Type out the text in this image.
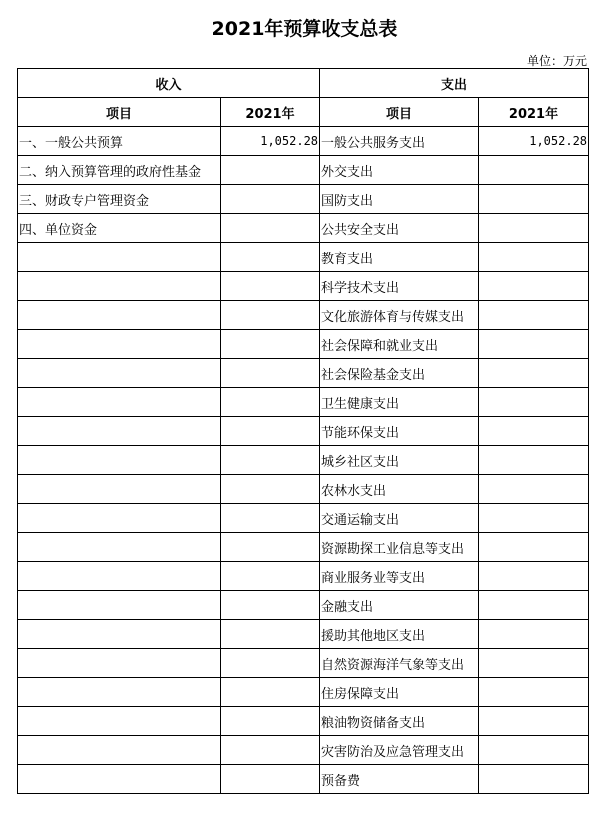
2021年预算收支总表
单位：万元
收入		支出	
项目	2021年	项目	2021年
一、一般公共预算	1,052.28	一般公共服务支出	1,052.28
二、纳入预算管理的政府性基金		外交支出	
三、财政专户管理资金		国防支出	
四、单位资金		公共安全支出	
		教育支出	
		科学技术支出	
		文化旅游体育与传媒支出	
		社会保障和就业支出	
		社会保险基金支出	
		卫生健康支出	
		节能环保支出	
		城乡社区支出	
		农林水支出	
		交通运输支出	
		资源勘探工业信息等支出	
		商业服务业等支出	
		金融支出	
		援助其他地区支出	
		自然资源海洋气象等支出	
		住房保障支出	
		粮油物资储备支出	
		灾害防治及应急管理支出	
		预备费	
